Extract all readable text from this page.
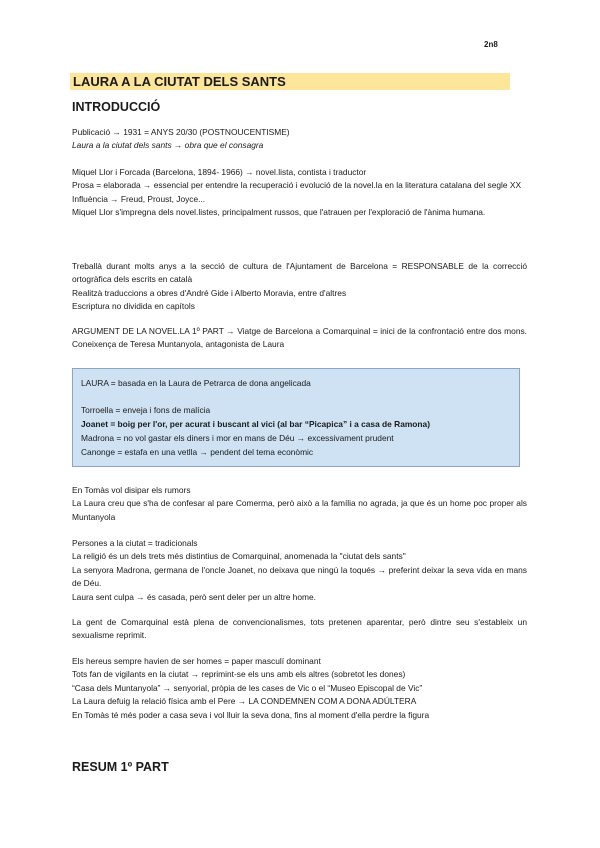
2n8
LAURA A LA CIUTAT DELS SANTS
INTRODUCCIÓ

Publicació → 1931 = ANYS 20/30 (POSTNOUCENTISME)

Laura a la ciutat dels sants → obra que el consagra

Miquel Llor i Forcada (Barcelona, 1894- 1966) → novel.lista, contista i traductor

Prosa = elaborada → essencial per entendre la recuperació i evolució de la novel.la en la literatura catalana del segle XX

Influència → Freud, Proust, Joyce...

Miquel Llor s'impregna dels novel.listes, principalment russos, que l'atrauen per l'exploració de l'ànima humana.

Treballà durant molts anys a la secció de cultura de l'Ajuntament de Barcelona = RESPONSABLE de la correcció ortogràfica dels escrits en català

Realitzà traduccions a obres d'André Gide i Alberto Moravia, entre d'altres

Escriptura no dividida en capítols

ARGUMENT DE LA NOVEL.LA 1º PART → Viatge de Barcelona a Comarquinal = inici de la confrontació entre dos mons. Coneixença de Teresa Muntanyola, antagonista de Laura

LAURA = basada en la Laura de Petrarca de dona angelicada

Torroella = enveja i fons de malícia

Joanet = boig per l'or, per acurat i buscant al vici (al bar “Picapica” i a casa de Ramona)

Madrona = no vol gastar els diners i mor en mans de Déu → excessivament prudent

Canonge = estafa en una vetlla → pendent del tema econòmic

En Tomàs vol disipar els rumors

La Laura creu que s'ha de confesar al pare Comerma, però això a la família no agrada, ja que és un home poc proper als Muntanyola

Persones a la ciutat = tradicionals

La religió és un dels trets més distintius de Comarquinal, anomenada la "ciutat dels sants"

La senyora Madrona, germana de l'oncle Joanet, no deixava que ningú la toqués → preferint deixar la seva vida en mans de Déu.

Laura sent culpa → és casada, però sent deler per un altre home.

La gent de Comarquinal està plena de convencionalismes, tots pretenen aparentar, però dintre seu s'estableix un sexualisme reprimit.

Els hereus sempre havien de ser homes = paper masculí dominant

Tots fan de vigilants en la ciutat → reprimint-se els uns amb els altres (sobretot les dones)

“Casa dels Muntanyola” → senyorial, pròpia de les cases de Vic o el “Museo Episcopal de Vic”

La Laura defuig la relació física amb el Pere → LA CONDEMNEN COM A DONA ADÚLTERA

En Tomàs té més poder a casa seva i vol lluir la seva dona, fins al moment d'ella perdre la figura

RESUM 1º PART
